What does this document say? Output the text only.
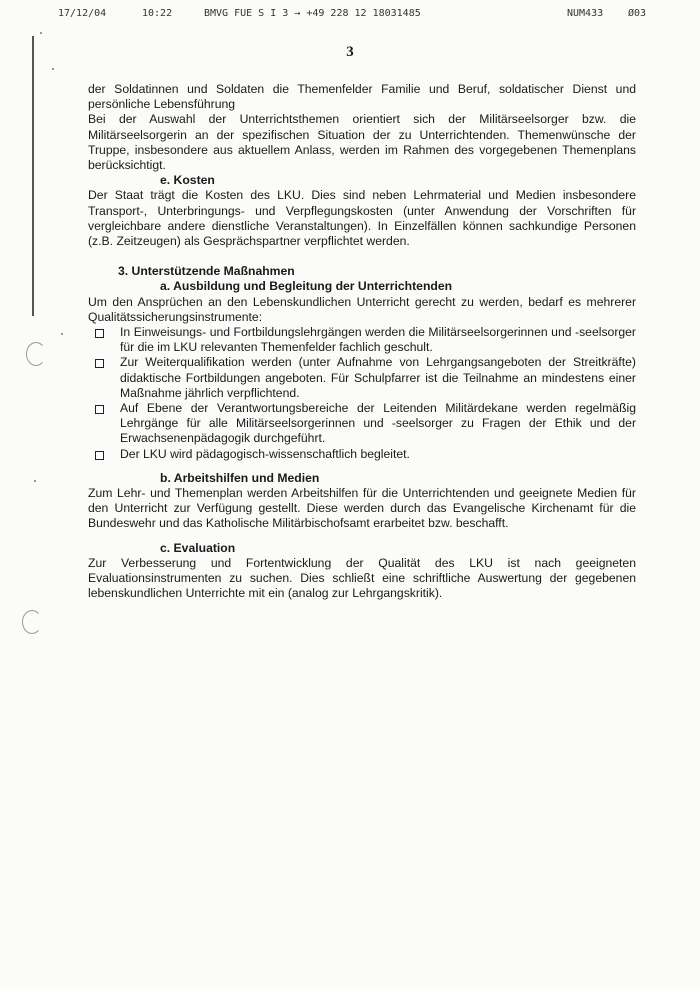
17/12/04	10:22	BMVG FUE S I 3 → +49 228 12 18031485	NUM433 Ø03
3

der Soldatinnen und Soldaten die Themenfelder Familie und Beruf, soldatischer Dienst und persönliche Lebensführung

Bei der Auswahl der Unterrichtsthemen orientiert sich der Militärseelsorger bzw. die Militärseelsorgerin an der spezifischen Situation der zu Unterrichtenden. Themenwünsche der Truppe, insbesondere aus aktuellem Anlass, werden im Rahmen des vorgegebenen Themenplans berücksichtigt.

e. Kosten

Der Staat trägt die Kosten des LKU. Dies sind neben Lehrmaterial und Medien insbesondere Transport-, Unterbringungs- und Verpflegungskosten (unter Anwendung der Vorschriften für vergleichbare andere dienstliche Veranstaltungen). In Einzelfällen können sachkundige Personen (z.B. Zeitzeugen) als Gesprächspartner verpflichtet werden.

3. Unterstützende Maßnahmen

a. Ausbildung und Begleitung der Unterrichtenden

Um den Ansprüchen an den Lebenskundlichen Unterricht gerecht zu werden, bedarf es mehrerer Qualitätssicherungsinstrumente:

In Einweisungs- und Fortbildungslehrgängen werden die Militärseelsorgerinnen und -seelsorger für die im LKU relevanten Themenfelder fachlich geschult.
Zur Weiterqualifikation werden (unter Aufnahme von Lehrgangsangeboten der Streitkräfte) didaktische Fortbildungen angeboten. Für Schulpfarrer ist die Teilnahme an mindestens einer Maßnahme jährlich verpflichtend.
Auf Ebene der Verantwortungsbereiche der Leitenden Militärdekane werden regelmäßig Lehrgänge für alle Militärseelsorgerinnen und -seelsorger zu Fragen der Ethik und der Erwachsenenpädagogik durchgeführt.
Der LKU wird pädagogisch-wissenschaftlich begleitet.

b. Arbeitshilfen und Medien

Zum Lehr- und Themenplan werden Arbeitshilfen für die Unterrichtenden und geeignete Medien für den Unterricht zur Verfügung gestellt. Diese werden durch das Evangelische Kirchenamt für die Bundeswehr und das Katholische Militärbischofsamt erarbeitet bzw. beschafft.

c. Evaluation

Zur Verbesserung und Fortentwicklung der Qualität des LKU ist nach geeigneten Evaluationsinstrumenten zu suchen. Dies schließt eine schriftliche Auswertung der gegebenen lebenskundlichen Unterrichte mit ein (analog zur Lehrgangskritik).
